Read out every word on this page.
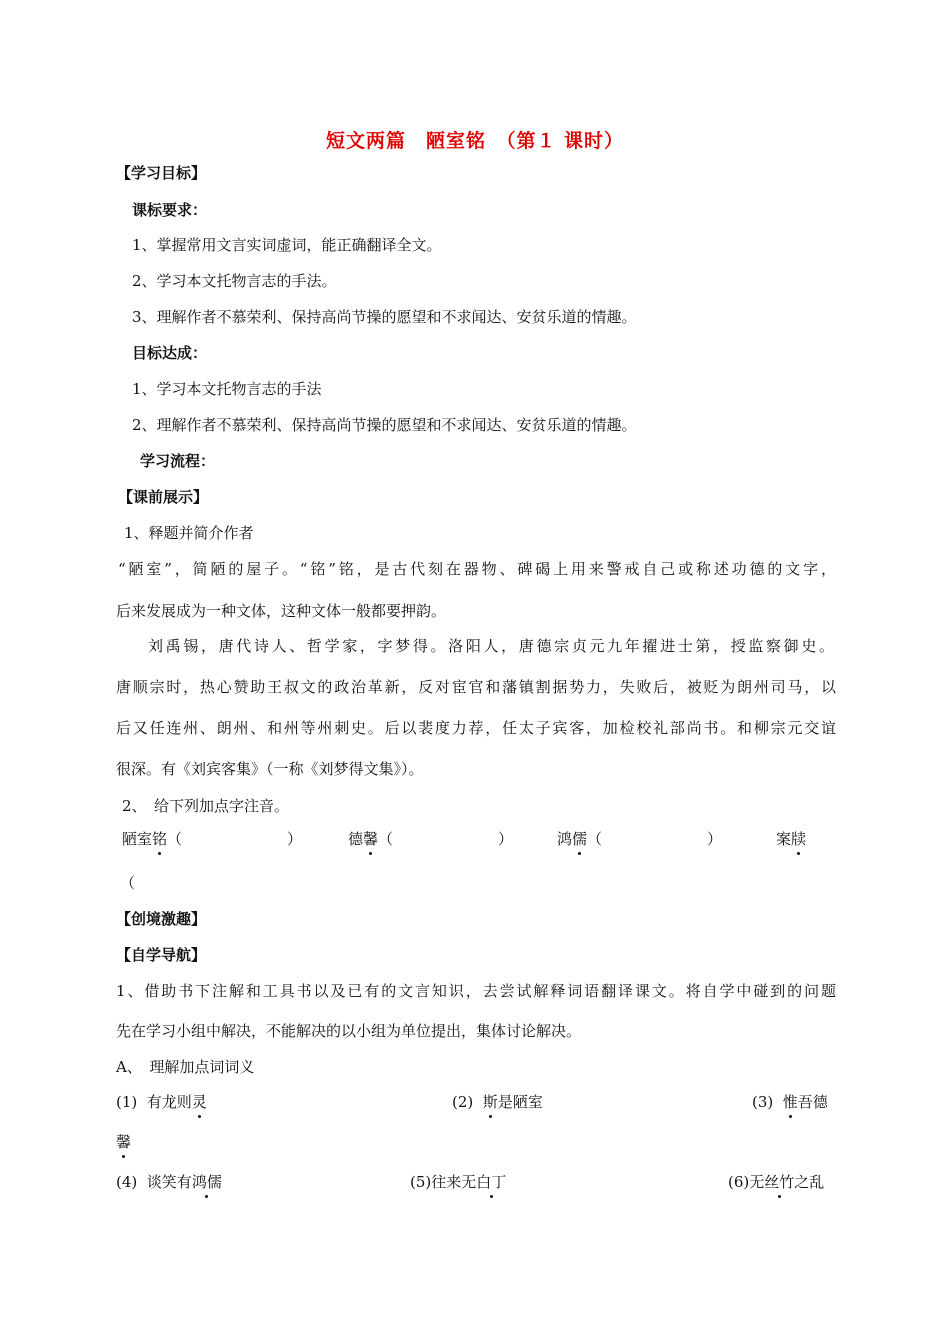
短文两篇　陋室铭　（第１ 课时）
【学习目标】
课标要求：
1、掌握常用文言实词虚词，能正确翻译全文。
2、学习本文托物言志的手法。
3、理解作者不慕荣利、保持高尚节操的愿望和不求闻达、安贫乐道的情趣。
目标达成：
1、学习本文托物言志的手法
2、理解作者不慕荣利、保持高尚节操的愿望和不求闻达、安贫乐道的情趣。
学习流程：
【课前展示】
1、释题并简介作者
“陋室”，简陋的屋子。“铭”铭，是古代刻在器物、碑碣上用来警戒自己或称述功德的文字，
后来发展成为一种文体，这种文体一般都要押韵。
刘禹锡，唐代诗人、哲学家，字梦得。洛阳人，唐德宗贞元九年擢进士第，授监察御史。
唐顺宗时，热心赞助王叔文的政治革新，反对宦官和藩镇割据势力，失败后，被贬为朗州司马，以
后又任连州、朗州、和州等州刺史。后以裴度力荐，任太子宾客，加检校礼部尚书。和柳宗元交谊
很深。有《刘宾客集》（一称《刘梦得文集》）。
2、　给下列加点字注音。
陋室铭（　　　　　　　）	德馨（　　　　　　　）	鸿儒（　　　　　　　）	案牍
（
【创境激趣】
【自学导航】
1、借助书下注解和工具书以及已有的文言知识，去尝试解释词语翻译课文。将自学中碰到的问题
先在学习小组中解决，不能解决的以小组为单位提出，集体讨论解决。
A、　理解加点词词义
(1) 有龙则灵	(2) 斯是陋室	(3) 惟吾德
馨
(4) 谈笑有鸿儒	(5)往来无白丁	(6)无丝竹之乱
